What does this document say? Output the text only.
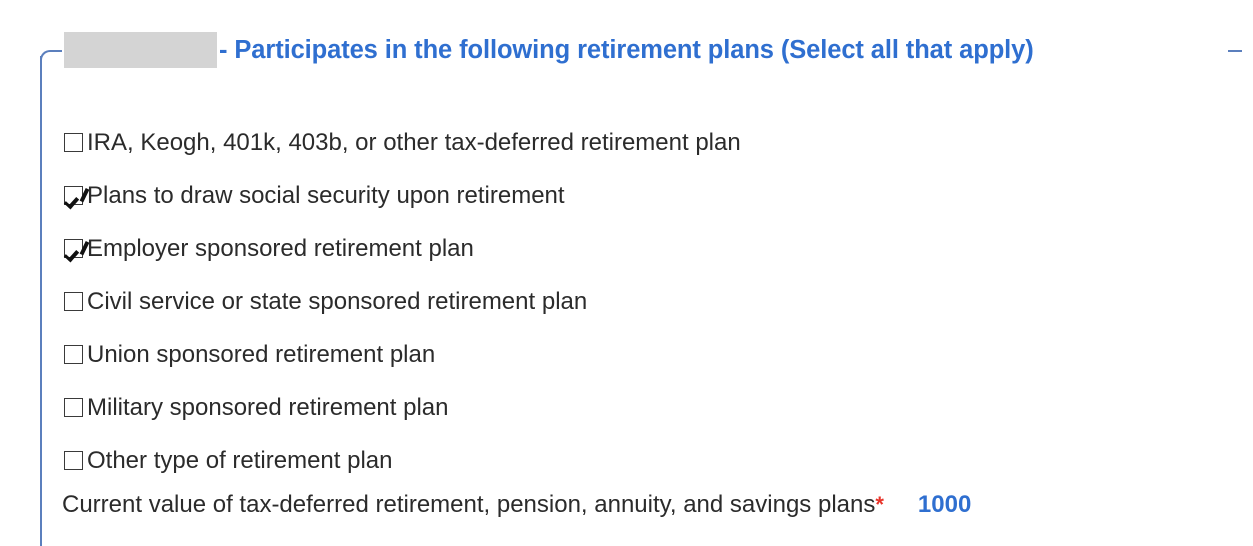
- Participates in the following retirement plans (Select all that apply)
IRA, Keogh, 401k, 403b, or other tax-deferred retirement plan
Plans to draw social security upon retirement
Employer sponsored retirement plan
Civil service or state sponsored retirement plan
Union sponsored retirement plan
Military sponsored retirement plan
Other type of retirement plan
Current value of tax-deferred retirement, pension, annuity, and savings plans * 1000
